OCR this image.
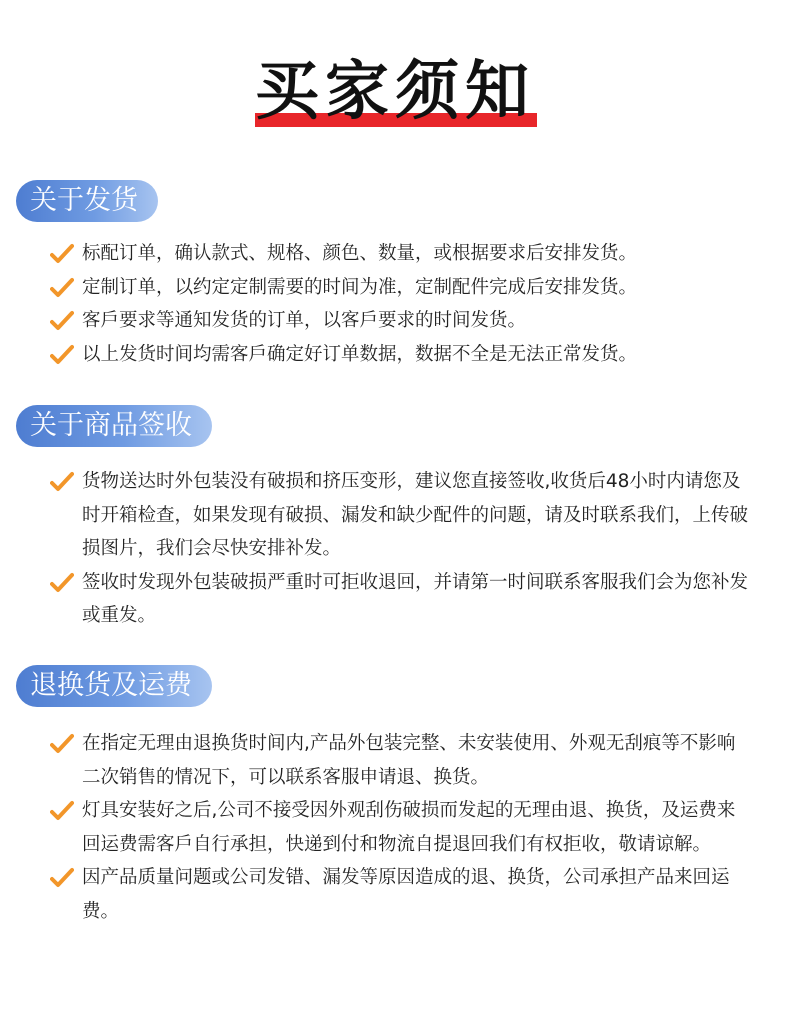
买家须知
关于发货
标配订单，确认款式、规格、颜色、数量，或根据要求后安排发货。
定制订单，以约定定制需要的时间为准，定制配件完成后安排发货。
客戶要求等通知发货的订单，以客戶要求的时间发货。
以上发货时间均需客戶确定好订单数据，数据不全是无法正常发货。
关于商品签收
货物送达时外包装没有破损和挤压变形，建议您直接签收,收货后48小时内请您及时开箱检查，如果发现有破损、漏发和缺少配件的问题，请及时联系我们，上传破损图片，我们会尽快安排补发。
签收时发现外包装破损严重时可拒收退回，并请第一时间联系客服我们会为您补发或重发。
退换货及运费
在指定无理由退换货时间内,产品外包装完整、未安装使用、外观无刮痕等不影响二次销售的情况下，可以联系客服申请退、换货。
灯具安装好之后,公司不接受因外观刮伤破损而发起的无理由退、换货，及运费来回运费需客戶自行承担，快递到付和物流自提退回我们有权拒收，敬请谅解。
因产品质量问题或公司发错、漏发等原因造成的退、换货，公司承担产品来回运费。
